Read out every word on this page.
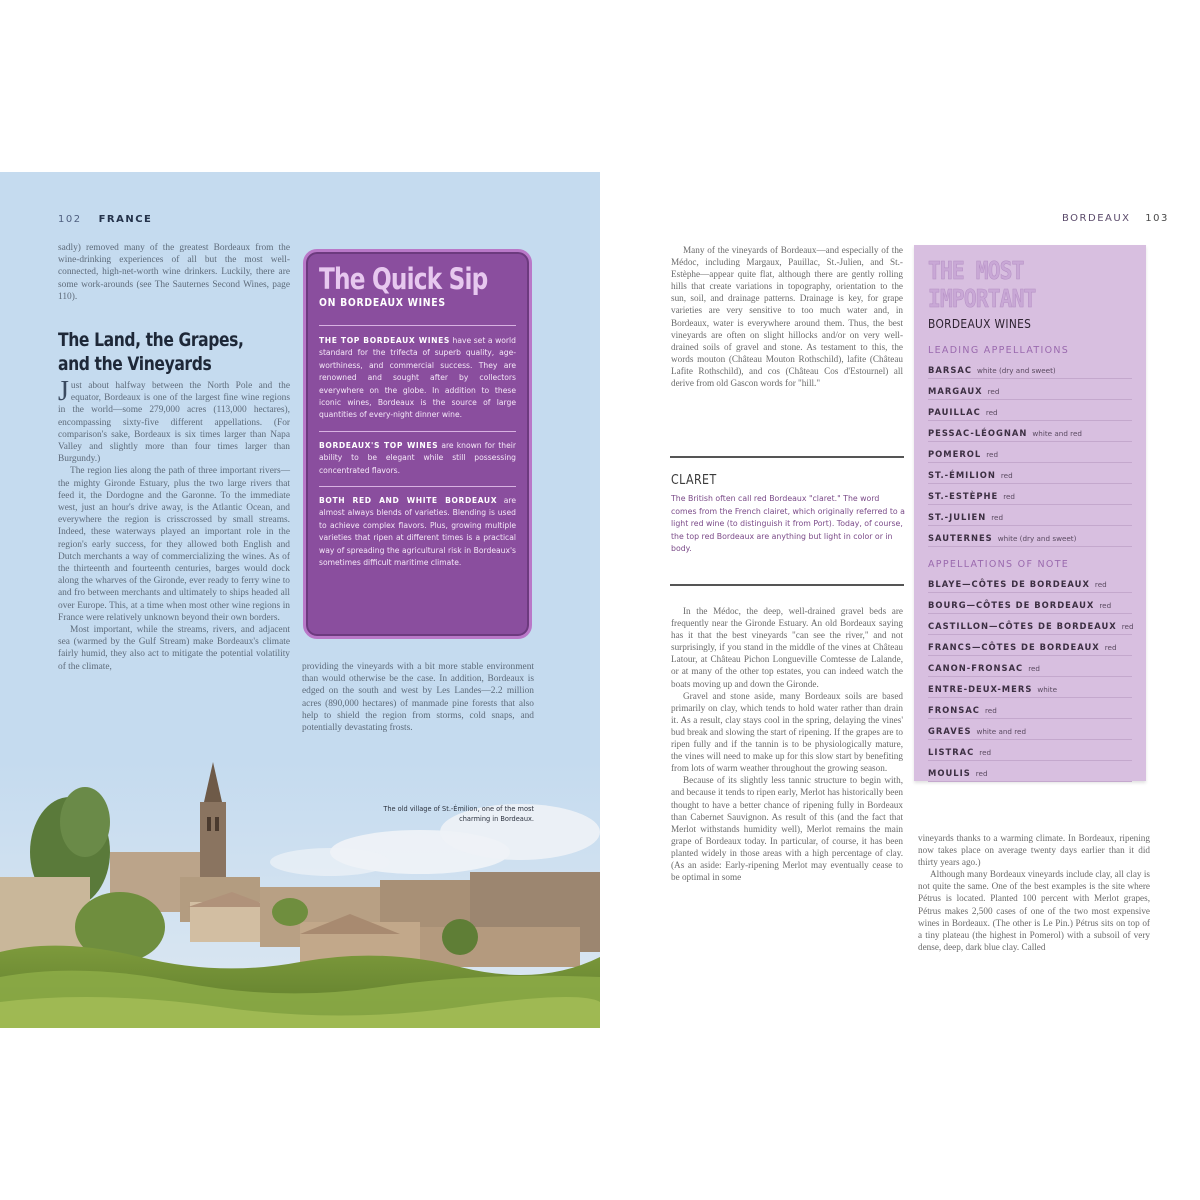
102 FRANCE

sadly) removed many of the greatest Bordeaux from the wine-drinking experiences of all but the most well-connected, high-net-worth wine drinkers. Luckily, there are some work-arounds (see The Sauternes Second Wines, page 110).

The Land, the Grapes, and the Vineyards

Just about halfway between the North Pole and the equator, Bordeaux is one of the largest fine wine regions in the world—some 279,000 acres (113,000 hectares), encompassing sixty-five different appellations. (For comparison's sake, Bordeaux is six times larger than Napa Valley and slightly more than four times larger than Burgundy.)

The region lies along the path of three important rivers—the mighty Gironde Estuary, plus the two large rivers that feed it, the Dordogne and the Garonne. To the immediate west, just an hour's drive away, is the Atlantic Ocean, and everywhere the region is crisscrossed by small streams. Indeed, these waterways played an important role in the region's early success, for they allowed both English and Dutch merchants a way of commercializing the wines. As of the thirteenth and fourteenth centuries, barges would dock along the wharves of the Gironde, ever ready to ferry wine to and fro between merchants and ultimately to ships headed all over Europe. This, at a time when most other wine regions in France were relatively unknown beyond their own borders.

Most important, while the streams, rivers, and adjacent sea (warmed by the Gulf Stream) make Bordeaux's climate fairly humid, they also act to mitigate the potential volatility of the climate,

The Quick Sip
ON BORDEAUX WINES

THE TOP BORDEAUX WINES have set a world standard for the trifecta of superb quality, age-worthiness, and commercial success. They are renowned and sought after by collectors everywhere on the globe. In addition to these iconic wines, Bordeaux is the source of large quantities of every-night dinner wine.

BORDEAUX'S TOP WINES are known for their ability to be elegant while still possessing concentrated flavors.

BOTH RED AND WHITE BORDEAUX are almost always blends of varieties. Blending is used to achieve complex flavors. Plus, growing multiple varieties that ripen at different times is a practical way of spreading the agricultural risk in Bordeaux's sometimes difficult maritime climate.

providing the vineyards with a bit more stable environment than would otherwise be the case. In addition, Bordeaux is edged on the south and west by Les Landes—2.2 million acres (890,000 hectares) of manmade pine forests that also help to shield the region from storms, cold snaps, and potentially devastating frosts.

The old village of St.-Émilion, one of the most charming in Bordeaux.
BORDEAUX 103

Many of the vineyards of Bordeaux—and especially of the Médoc, including Margaux, Pauillac, St.-Julien, and St.-Estèphe—appear quite flat, although there are gently rolling hills that create variations in topography, orientation to the sun, soil, and drainage patterns. Drainage is key, for grape varieties are very sensitive to too much water and, in Bordeaux, water is everywhere around them. Thus, the best vineyards are often on slight hillocks and/or on very well-drained soils of gravel and stone. As testament to this, the words mouton (Château Mouton Rothschild), lafite (Château Lafite Rothschild), and cos (Château Cos d'Estournel) all derive from old Gascon words for "hill."

CLARET

The British often call red Bordeaux "claret." The word comes from the French clairet, which originally referred to a light red wine (to distinguish it from Port). Today, of course, the top red Bordeaux are anything but light in color or in body.

In the Médoc, the deep, well-drained gravel beds are frequently near the Gironde Estuary. An old Bordeaux saying has it that the best vineyards "can see the river," and not surprisingly, if you stand in the middle of the vines at Château Latour, at Château Pichon Longueville Comtesse de Lalande, or at many of the other top estates, you can indeed watch the boats moving up and down the Gironde.

Gravel and stone aside, many Bordeaux soils are based primarily on clay, which tends to hold water rather than drain it. As a result, clay stays cool in the spring, delaying the vines' bud break and slowing the start of ripening. If the grapes are to ripen fully and if the tannin is to be physiologically mature, the vines will need to make up for this slow start by benefiting from lots of warm weather throughout the growing season.

Because of its slightly less tannic structure to begin with, and because it tends to ripen early, Merlot has historically been thought to have a better chance of ripening fully in Bordeaux than Cabernet Sauvignon. As result of this (and the fact that Merlot withstands humidity well), Merlot remains the main grape of Bordeaux today. In particular, of course, it has been planted widely in those areas with a high percentage of clay. (As an aside: Early-ripening Merlot may eventually cease to be optimal in some

THE MOST
IMPORTANT
BORDEAUX WINES
LEADING APPELLATIONS
BARSAC white (dry and sweet)
MARGAUX red
PAUILLAC red
PESSAC-LÉOGNAN white and red
POMEROL red
ST.-ÉMILION red
ST.-ESTÈPHE red
ST.-JULIEN red
SAUTERNES white (dry and sweet)
APPELLATIONS OF NOTE
BLAYE—CÔTES DE BORDEAUX red
BOURG—CÔTES DE BORDEAUX red
CASTILLON—CÔTES DE BORDEAUX red
FRANCS—CÔTES DE BORDEAUX red
CANON-FRONSAC red
ENTRE-DEUX-MERS white
FRONSAC red
GRAVES white and red
LISTRAC red
MOULIS red

vineyards thanks to a warming climate. In Bordeaux, ripening now takes place on average twenty days earlier than it did thirty years ago.)

Although many Bordeaux vineyards include clay, all clay is not quite the same. One of the best examples is the site where Pétrus is located. Planted 100 percent with Merlot grapes, Pétrus makes 2,500 cases of one of the two most expensive wines in Bordeaux. (The other is Le Pin.) Pétrus sits on top of a tiny plateau (the highest in Pomerol) with a subsoil of very dense, deep, dark blue clay. Called
